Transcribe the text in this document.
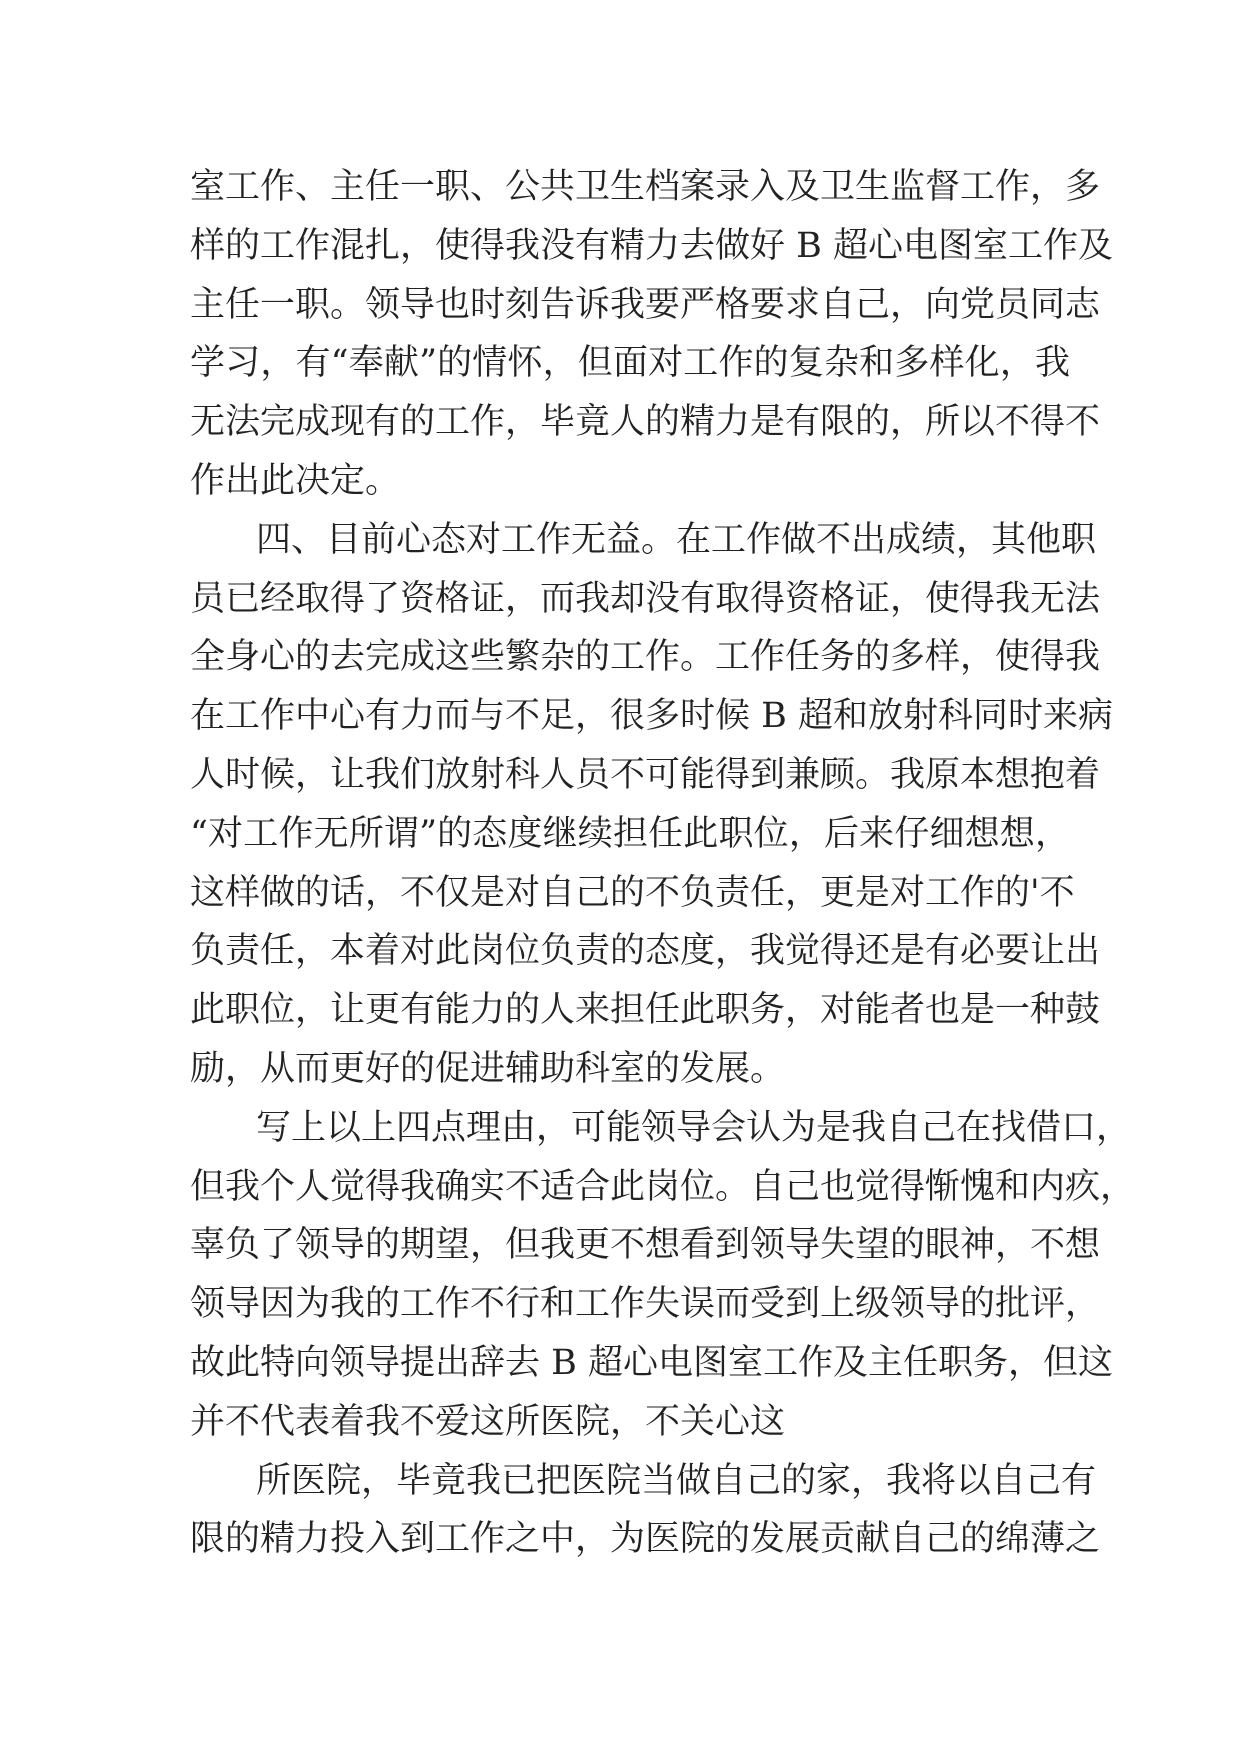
室工作、主任一职、公共卫生档案录入及卫生监督工作，多
样的工作混扎，使得我没有精力去做好 B 超心电图室工作及
主任一职。领导也时刻告诉我要严格要求自己，向党员同志
学习，有“奉献”的情怀，但面对工作的复杂和多样化，我
无法完成现有的工作，毕竟人的精力是有限的，所以不得不
作出此决定。
四、目前心态对工作无益。在工作做不出成绩，其他职
员已经取得了资格证，而我却没有取得资格证，使得我无法
全身心的去完成这些繁杂的工作。工作任务的多样，使得我
在工作中心有力而与不足，很多时候 B 超和放射科同时来病
人时候，让我们放射科人员不可能得到兼顾。我原本想抱着
“对工作无所谓”的态度继续担任此职位，后来仔细想想，
这样做的话，不仅是对自己的不负责任，更是对工作的'不
负责任，本着对此岗位负责的态度，我觉得还是有必要让出
此职位，让更有能力的人来担任此职务，对能者也是一种鼓
励，从而更好的促进辅助科室的发展。
写上以上四点理由，可能领导会认为是我自己在找借口，
但我个人觉得我确实不适合此岗位。自己也觉得惭愧和内疚，
辜负了领导的期望，但我更不想看到领导失望的眼神，不想
领导因为我的工作不行和工作失误而受到上级领导的批评，
故此特向领导提出辞去 B 超心电图室工作及主任职务，但这
并不代表着我不爱这所医院，不关心这
所医院，毕竟我已把医院当做自己的家，我将以自己有
限的精力投入到工作之中，为医院的发展贡献自己的绵薄之
